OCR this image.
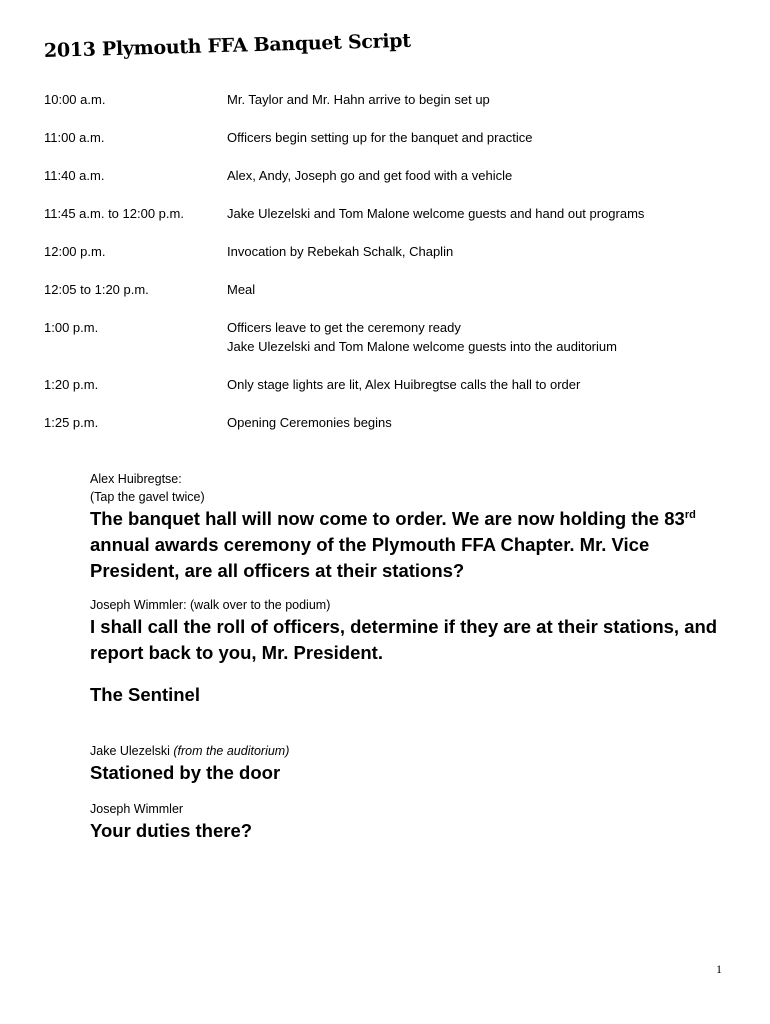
2013 Plymouth FFA Banquet Script
10:00 a.m.	Mr. Taylor and Mr. Hahn arrive to begin set up
11:00 a.m.	Officers begin setting up for the banquet and practice
11:40 a.m.	Alex, Andy, Joseph go and get food with a vehicle
11:45 a.m. to 12:00 p.m.	Jake Ulezelski and Tom Malone welcome guests and hand out programs
12:00 p.m.	Invocation by Rebekah Schalk, Chaplin
12:05 to 1:20 p.m.	Meal
1:00 p.m.	Officers leave to get the ceremony ready
Jake Ulezelski and Tom Malone welcome guests into the auditorium
1:20 p.m.	Only stage lights are lit, Alex Huibregtse calls the hall to order
1:25 p.m.	Opening Ceremonies begins
Alex Huibregtse:
(Tap the gavel twice)
The banquet hall will now come to order. We are now holding the 83rd annual awards ceremony of the Plymouth FFA Chapter. Mr. Vice President, are all officers at their stations?
Joseph Wimmler: (walk over to the podium)
I shall call the roll of officers, determine if they are at their stations, and report back to you, Mr. President.
The Sentinel
Jake Ulezelski (from the auditorium)
Stationed by the door
Joseph Wimmler
Your duties there?
1
